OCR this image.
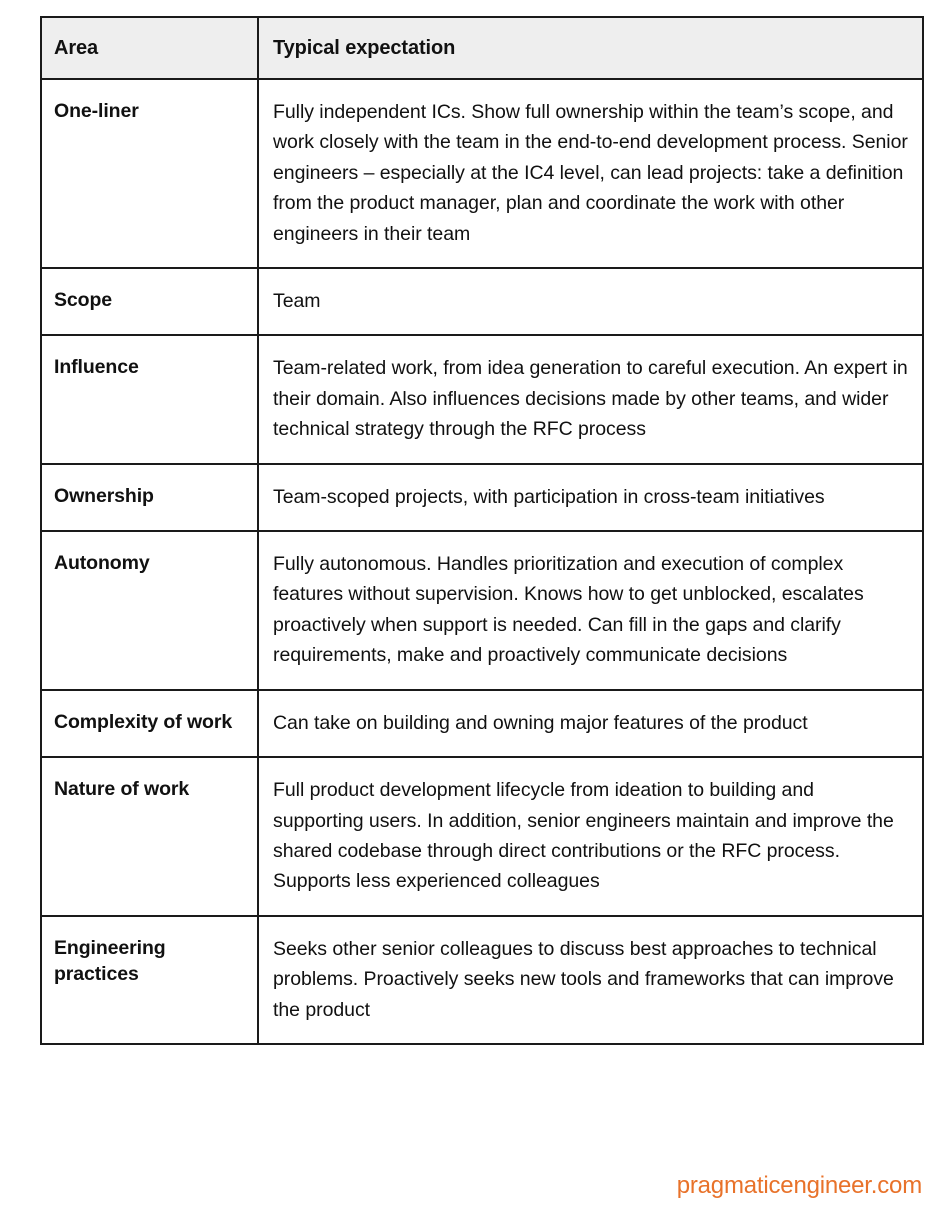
Area	Typical expectation
One-liner	Fully independent ICs. Show full ownership within the team’s scope, and work closely with the team in the end-to-end development process. Senior engineers – especially at the IC4 level, can lead projects: take a definition from the product manager, plan and coordinate the work with other engineers in their team
Scope	Team
Influence	Team-related work, from idea generation to careful execution. An expert in their domain. Also influences decisions made by other teams, and wider technical strategy through the RFC process
Ownership	Team-scoped projects, with participation in cross-team initiatives
Autonomy	Fully autonomous. Handles prioritization and execution of complex features without supervision. Knows how to get unblocked, escalates proactively when support is needed. Can fill in the gaps and clarify requirements, make and proactively communicate decisions
Complexity of work	Can take on building and owning major features of the product
Nature of work	Full product development lifecycle from ideation to building and supporting users. In addition, senior engineers maintain and improve the shared codebase through direct contributions or the RFC process. Supports less experienced colleagues
Engineering practices	Seeks other senior colleagues to discuss best approaches to technical problems. Proactively seeks new tools and frameworks that can improve the product
pragmaticengineer.com
